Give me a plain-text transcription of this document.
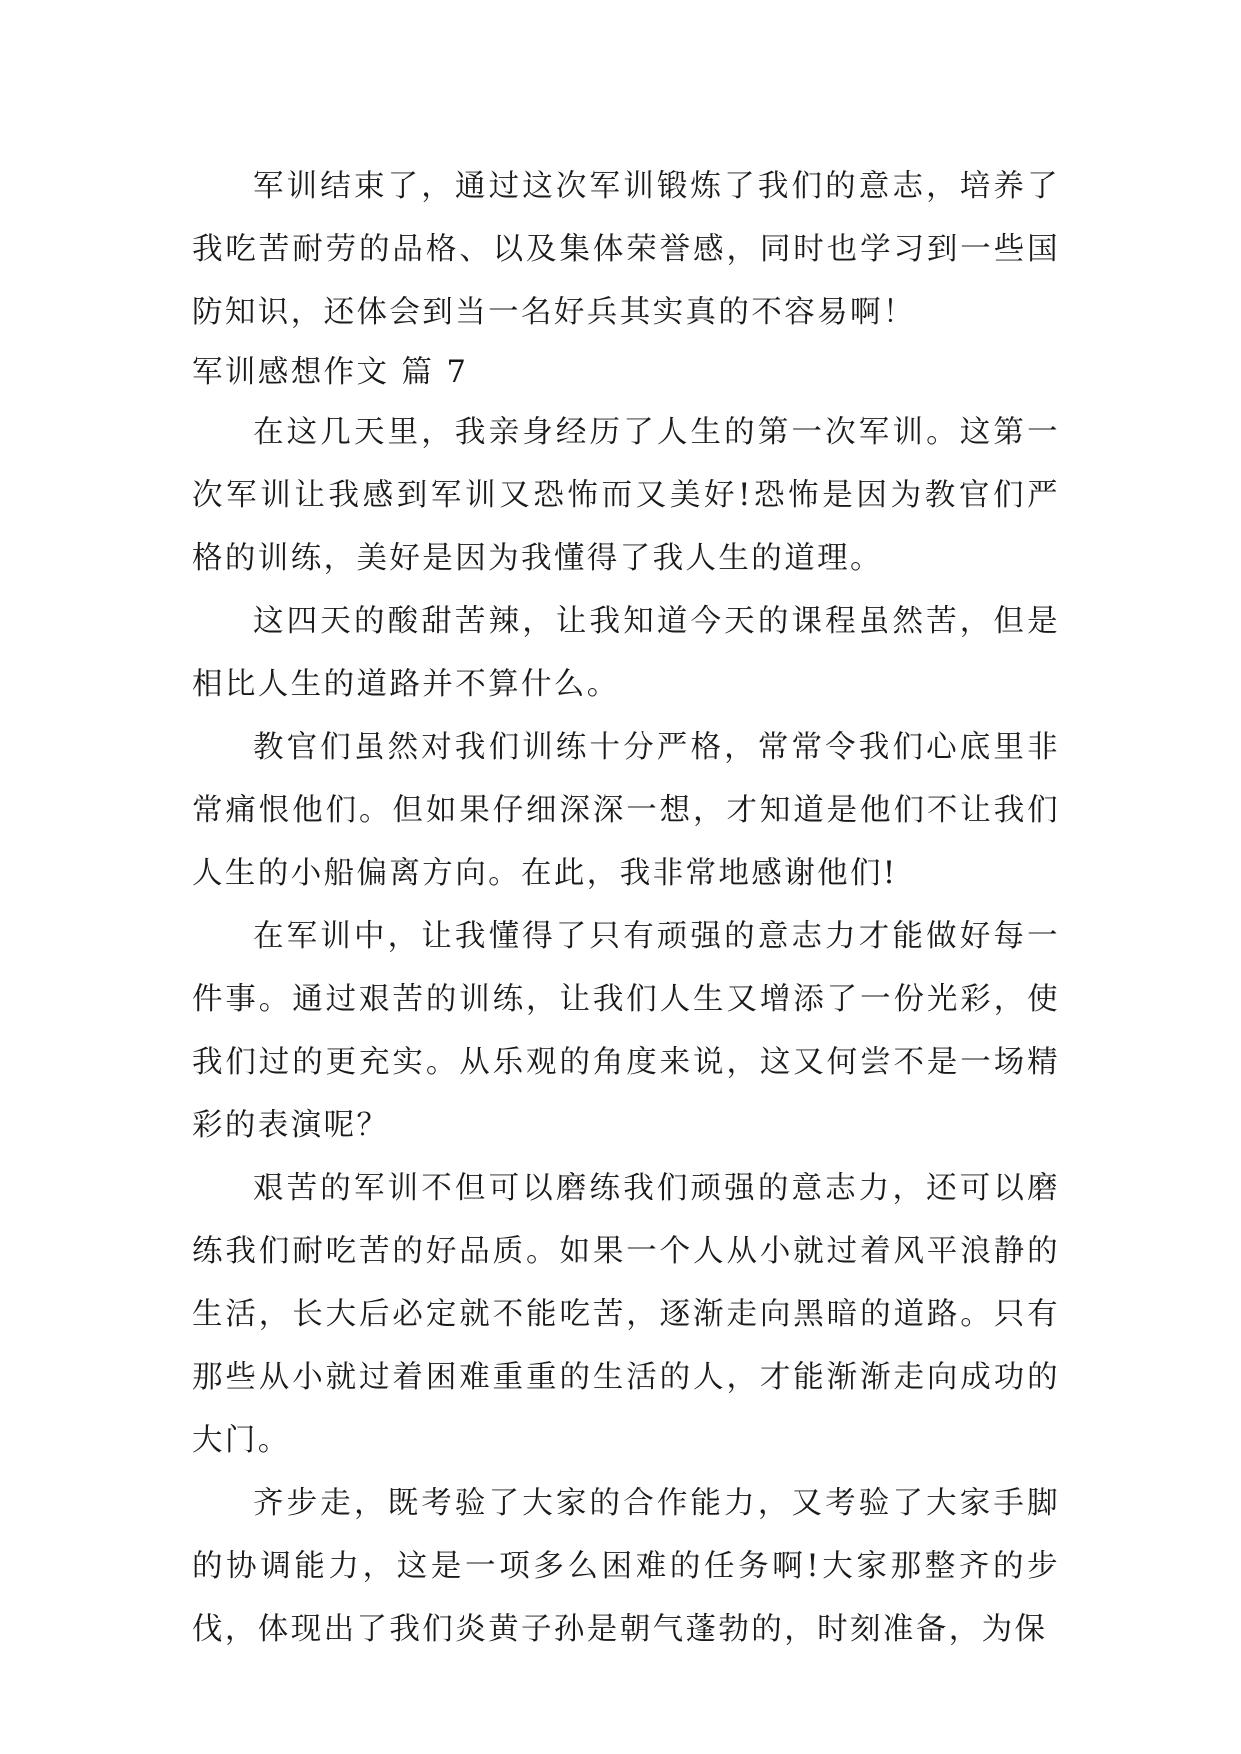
军训结束了，通过这次军训锻炼了我们的意志，培养了我吃苦耐劳的品格、以及集体荣誉感，同时也学习到一些国防知识，还体会到当一名好兵其实真的不容易啊！

军训感想作文 篇 7

在这几天里，我亲身经历了人生的第一次军训。这第一次军训让我感到军训又恐怖而又美好!恐怖是因为教官们严格的训练，美好是因为我懂得了我人生的道理。

这四天的酸甜苦辣，让我知道今天的课程虽然苦，但是相比人生的道路并不算什么。

教官们虽然对我们训练十分严格，常常令我们心底里非常痛恨他们。但如果仔细深深一想，才知道是他们不让我们人生的小船偏离方向。在此，我非常地感谢他们!

在军训中，让我懂得了只有顽强的意志力才能做好每一件事。通过艰苦的训练，让我们人生又增添了一份光彩，使我们过的更充实。从乐观的角度来说，这又何尝不是一场精彩的表演呢？

艰苦的军训不但可以磨练我们顽强的意志力，还可以磨练我们耐吃苦的好品质。如果一个人从小就过着风平浪静的生活，长大后必定就不能吃苦，逐渐走向黑暗的道路。只有那些从小就过着困难重重的生活的人，才能渐渐走向成功的大门。

齐步走，既考验了大家的合作能力，又考验了大家手脚的协调能力，这是一项多么困难的任务啊!大家那整齐的步伐，体现出了我们炎黄子孙是朝气蓬勃的，时刻准备，为保
